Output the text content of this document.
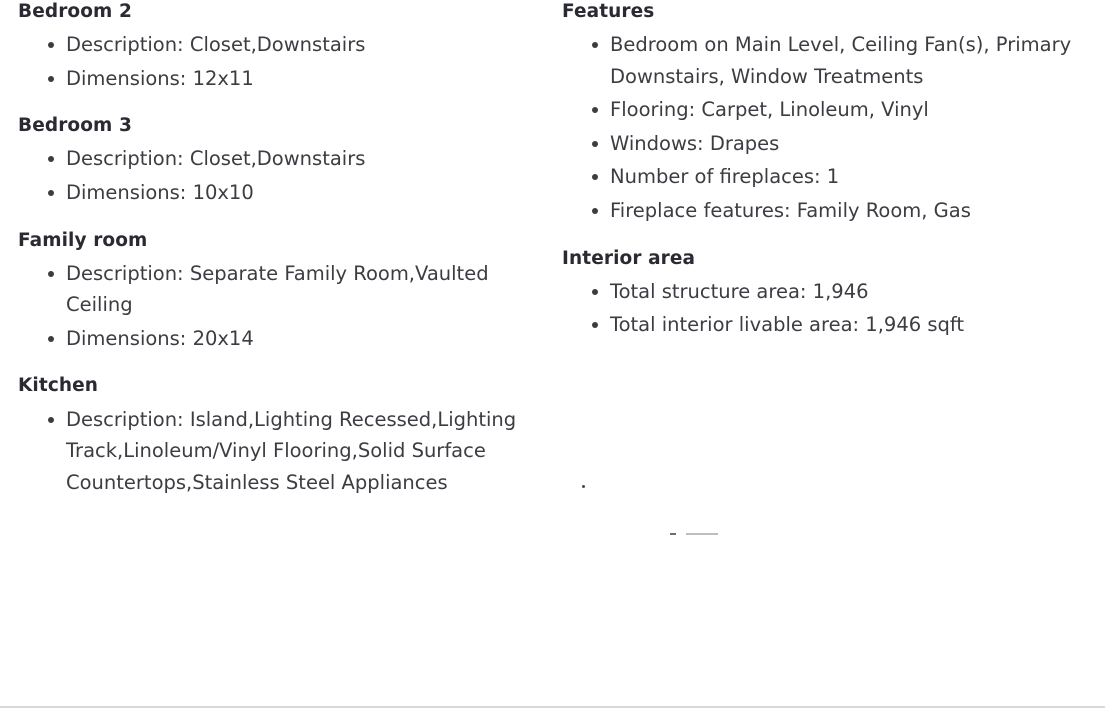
Bedroom 2
Description: Closet,Downstairs
Dimensions: 12x11
Bedroom 3
Description: Closet,Downstairs
Dimensions: 10x10
Family room
Description: Separate Family Room,Vaulted Ceiling
Dimensions: 20x14
Kitchen
Description: Island,Lighting Recessed,Lighting Track,Linoleum/Vinyl Flooring,Solid Surface Countertops,Stainless Steel Appliances
Features
Bedroom on Main Level, Ceiling Fan(s), Primary Downstairs, Window Treatments
Flooring: Carpet, Linoleum, Vinyl
Windows: Drapes
Number of fireplaces: 1
Fireplace features: Family Room, Gas
Interior area
Total structure area: 1,946
Total interior livable area: 1,946 sqft
